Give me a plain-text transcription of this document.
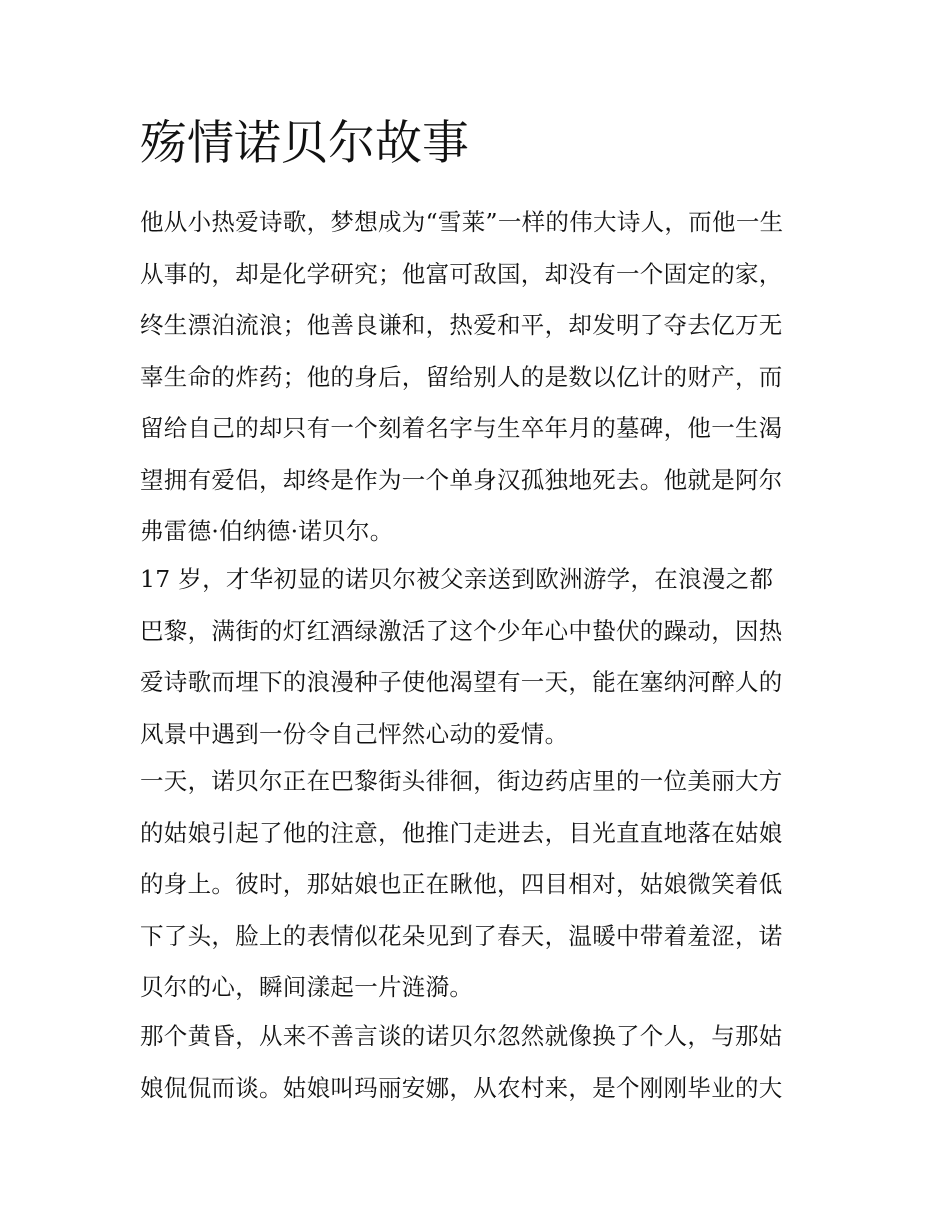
殇情诺贝尔故事
他从小热爱诗歌，梦想成为“雪莱”一样的伟大诗人，而他一生
从事的，却是化学研究；他富可敌国，却没有一个固定的家，
终生漂泊流浪；他善良谦和，热爱和平，却发明了夺去亿万无
辜生命的炸药；他的身后，留给别人的是数以亿计的财产，而
留给自己的却只有一个刻着名字与生卒年月的墓碑，他一生渴
望拥有爱侣，却终是作为一个单身汉孤独地死去。他就是阿尔
弗雷德·伯纳德·诺贝尔。
17 岁，才华初显的诺贝尔被父亲送到欧洲游学，在浪漫之都
巴黎，满街的灯红酒绿激活了这个少年心中蛰伏的躁动，因热
爱诗歌而埋下的浪漫种子使他渴望有一天，能在塞纳河醉人的
风景中遇到一份令自己怦然心动的爱情。
一天，诺贝尔正在巴黎街头徘徊，街边药店里的一位美丽大方
的姑娘引起了他的注意，他推门走进去，目光直直地落在姑娘
的身上。彼时，那姑娘也正在瞅他，四目相对，姑娘微笑着低
下了头，脸上的表情似花朵见到了春天，温暖中带着羞涩，诺
贝尔的心，瞬间漾起一片涟漪。
那个黄昏，从来不善言谈的诺贝尔忽然就像换了个人，与那姑
娘侃侃而谈。姑娘叫玛丽安娜，从农村来，是个刚刚毕业的大
